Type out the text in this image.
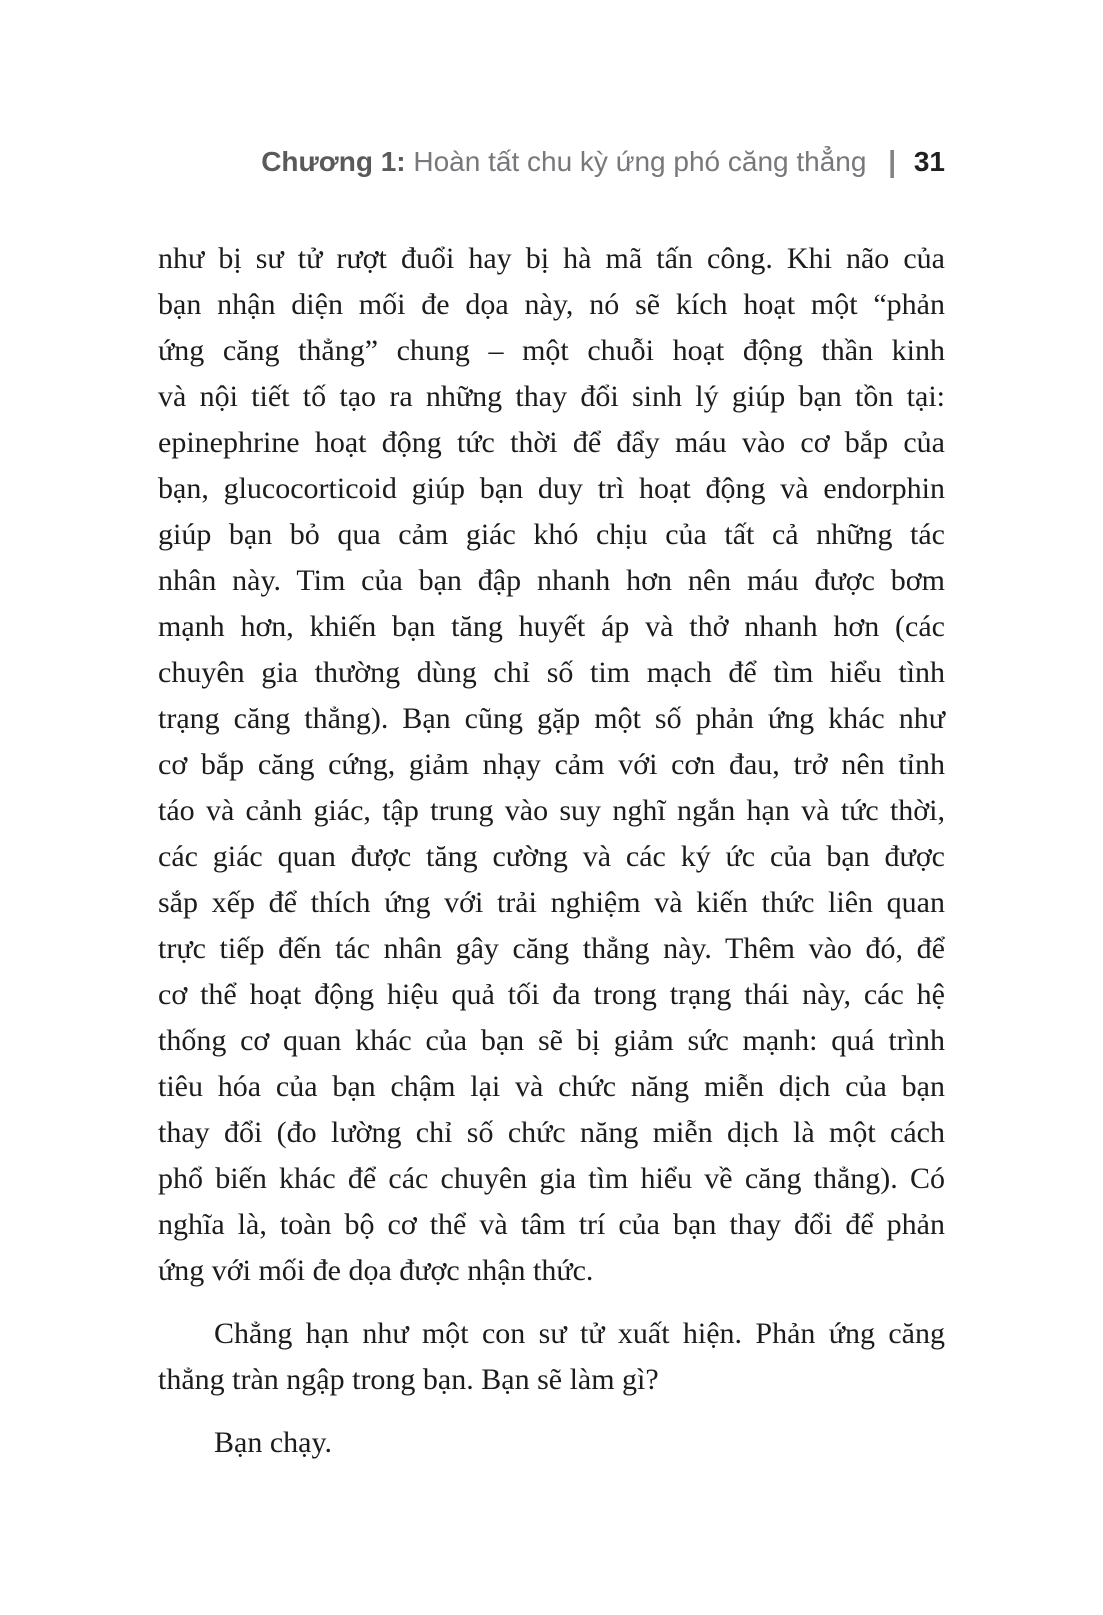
Chương 1: Hoàn tất chu kỳ ứng phó căng thẳng | 31
như bị sư tử rượt đuổi hay bị hà mã tấn công. Khi não của
bạn nhận diện mối đe dọa này, nó sẽ kích hoạt một “phản
ứng căng thẳng” chung – một chuỗi hoạt động thần kinh
và nội tiết tố tạo ra những thay đổi sinh lý giúp bạn tồn tại:
epinephrine hoạt động tức thời để đẩy máu vào cơ bắp của
bạn, glucocorticoid giúp bạn duy trì hoạt động và endorphin
giúp bạn bỏ qua cảm giác khó chịu của tất cả những tác
nhân này. Tim của bạn đập nhanh hơn nên máu được bơm
mạnh hơn, khiến bạn tăng huyết áp và thở nhanh hơn (các
chuyên gia thường dùng chỉ số tim mạch để tìm hiểu tình
trạng căng thẳng). Bạn cũng gặp một số phản ứng khác như
cơ bắp căng cứng, giảm nhạy cảm với cơn đau, trở nên tỉnh
táo và cảnh giác, tập trung vào suy nghĩ ngắn hạn và tức thời,
các giác quan được tăng cường và các ký ức của bạn được
sắp xếp để thích ứng với trải nghiệm và kiến thức liên quan
trực tiếp đến tác nhân gây căng thẳng này. Thêm vào đó, để
cơ thể hoạt động hiệu quả tối đa trong trạng thái này, các hệ
thống cơ quan khác của bạn sẽ bị giảm sức mạnh: quá trình
tiêu hóa của bạn chậm lại và chức năng miễn dịch của bạn
thay đổi (đo lường chỉ số chức năng miễn dịch là một cách
phổ biến khác để các chuyên gia tìm hiểu về căng thẳng). Có
nghĩa là, toàn bộ cơ thể và tâm trí của bạn thay đổi để phản
ứng với mối đe dọa được nhận thức.
Chẳng hạn như một con sư tử xuất hiện. Phản ứng căng
thẳng tràn ngập trong bạn. Bạn sẽ làm gì?
Bạn chạy.
